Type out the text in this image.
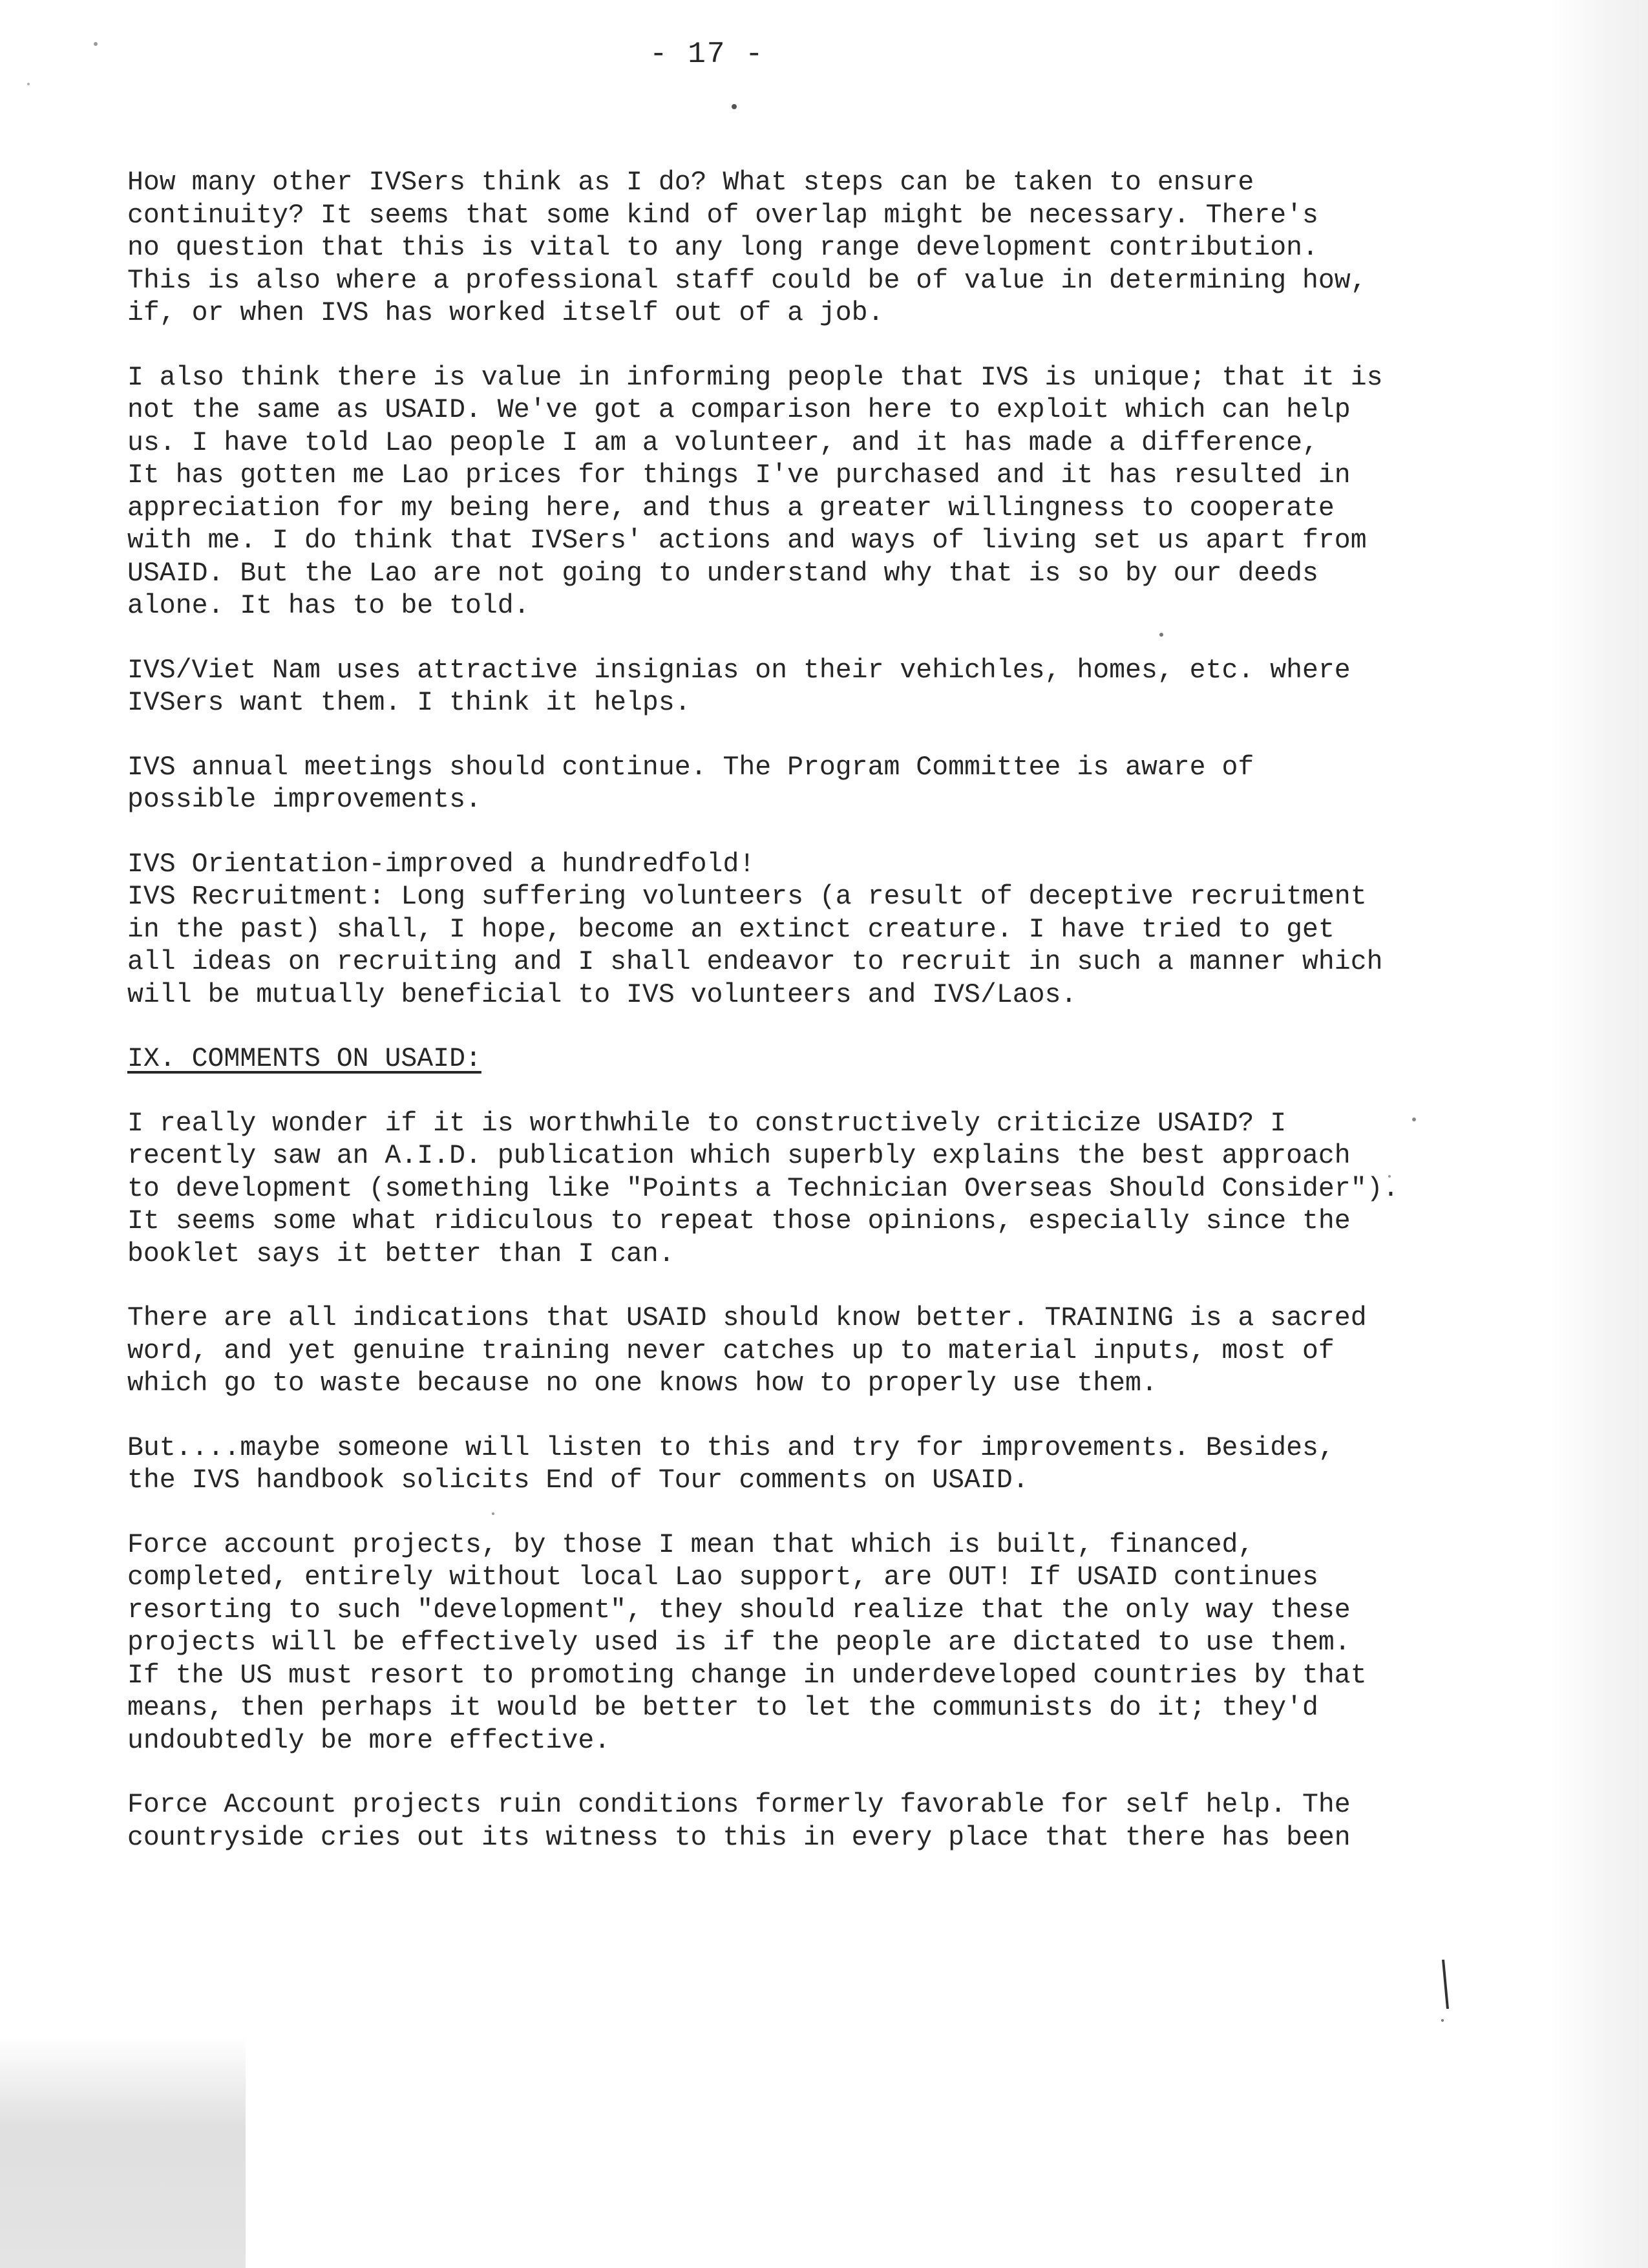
- 17 -
How many other IVSers think as I do? What steps can be taken to ensure
continuity? It seems that some kind of overlap might be necessary. There's
no question that this is vital to any long range development contribution.
This is also where a professional staff could be of value in determining how,
if, or when IVS has worked itself out of a job.
I also think there is value in informing people that IVS is unique; that it is
not the same as USAID. We've got a comparison here to exploit which can help
us. I have told Lao people I am a volunteer, and it has made a difference,
It has gotten me Lao prices for things I've purchased and it has resulted in
appreciation for my being here, and thus a greater willingness to cooperate
with me. I do think that IVSers' actions and ways of living set us apart from
USAID. But the Lao are not going to understand why that is so by our deeds
alone. It has to be told.
IVS/Viet Nam uses attractive insignias on their vehichles, homes, etc. where
IVSers want them. I think it helps.
IVS annual meetings should continue. The Program Committee is aware of
possible improvements.
IVS Orientation-improved a hundredfold!
IVS Recruitment: Long suffering volunteers (a result of deceptive recruitment
in the past) shall, I hope, become an extinct creature. I have tried to get
all ideas on recruiting and I shall endeavor to recruit in such a manner which
will be mutually beneficial to IVS volunteers and IVS/Laos.
IX. COMMENTS ON USAID:
I really wonder if it is worthwhile to constructively criticize USAID? I
recently saw an A.I.D. publication which superbly explains the best approach
to development (something like "Points a Technician Overseas Should Consider").
It seems some what ridiculous to repeat those opinions, especially since the
booklet says it better than I can.
There are all indications that USAID should know better. TRAINING is a sacred
word, and yet genuine training never catches up to material inputs, most of
which go to waste because no one knows how to properly use them.
But....maybe someone will listen to this and try for improvements. Besides,
the IVS handbook solicits End of Tour comments on USAID.
Force account projects, by those I mean that which is built, financed,
completed, entirely without local Lao support, are OUT! If USAID continues
resorting to such "development", they should realize that the only way these
projects will be effectively used is if the people are dictated to use them.
If the US must resort to promoting change in underdeveloped countries by that
means, then perhaps it would be better to let the communists do it; they'd
undoubtedly be more effective.
Force Account projects ruin conditions formerly favorable for self help. The
countryside cries out its witness to this in every place that there has been
